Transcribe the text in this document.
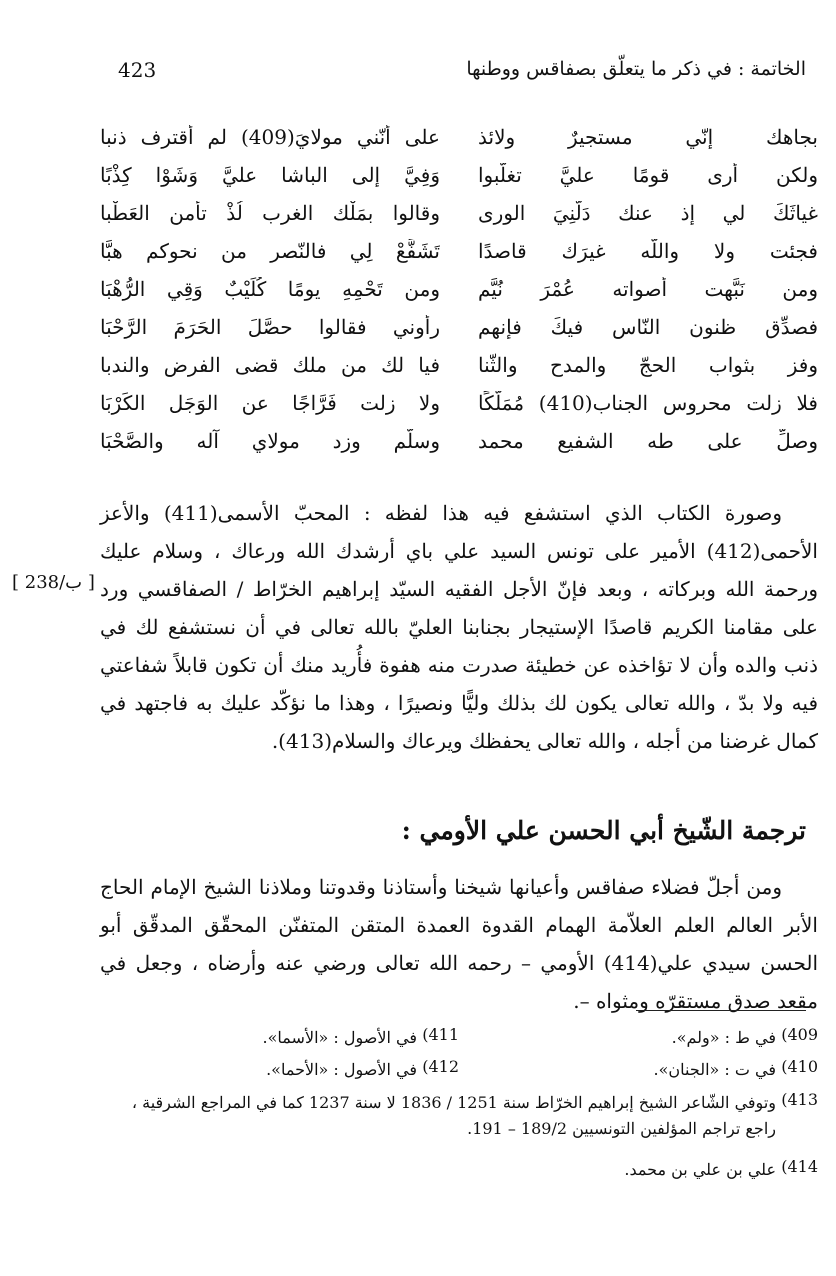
423	الخاتمة : في ذكر ما يتعلّق بصفاقس ووطنها
بجاهك إنّي مستجيرٌ ولائذ
على أنّني مولايَ(409) لم أقترف ذنبا
ولكن أرى قومًا عليَّ تغلّبوا
وَفِيَّ إلى الباشا عليَّ وَشَوْا كِذْبًا
غياثَكَ لي إذ عنك دَلَّنِيَ الورى
وقالوا بمَلْك الغرب لُذْ تأمنِ العَطْبا
فجئت ولا واللّه غيرَك قاصدًا
تَشَفَّعْ لِي فالنّصر من نحوكم هبَّا
ومن نَبَّهت أصواته عُمْرَ نُيَّمٍ
ومن تَحْمِهِ يومًا كُلَيْبٌ وَقِي الرُّهْبَا
فصدِّق ظنون النّاس فيكَ فإنهم
رأوني فقالوا حصَّلَ الحَرَمَ الرَّحْبَا
وفز بثواب الحجّ والمدح والثّنا
فيا لك من ملك قضى الفرض والندبا
فلا زلت محروس الجناب(410) مُمَلَّكًا
ولا زلت فَرَّاجًا عن الوَجَلِ الكَرْبَا
وصلِّ على طه الشفيع محمد
وسلّم وزد مولاي آله والصَّحْبَا
وصورة الكتاب الذي استشفع فيه هذا لفظه : المحبّ الأسمى(411) والأعز الأحمى(412) الأمير على تونس السيد علي باي أرشدك الله ورعاك ، وسلام عليك ورحمة الله وبركاته ، وبعد فإنّ الأجل الفقيه السيّد إبراهيم الخرّاط / الصفاقسي ورد على مقامنا الكريم قاصدًا الإستيجار بجنابنا العليّ بالله تعالى في أن نستشفع لك في ذنب والده وأن لا تؤاخذه عن خطيئة صدرت منه هفوة فأُريد منك أن تكون قابلاً شفاعتي فيه ولا بدّ ، والله تعالى يكون لك بذلك وليًّا ونصيرًا ، وهذا ما نؤكّد عليك به فاجتهد في كمال غرضنا من أجله ، والله تعالى يحفظك ويرعاك والسلام(413).
[ 238/ب ]
ترجمة الشّيخ أبي الحسن علي الأومي :
ومن أجلّ فضلاء صفاقس وأعيانها شيخنا وأستاذنا وقدوتنا وملاذنا الشيخ الإمام الحاج الأبر العالم العلم العلاّمة الهمام القدوة العمدة المتقن المتفنّن المحقّق المدقّق أبو الحسن سيدي علي(414) الأومي – رحمه الله تعالى ورضي عنه وأرضاه ، وجعل في مقعد صدق مستقرّه ومثواه –.
409)
في ط : «ولم».
411)
في الأصول : «الأسما».
410)
في ت : «الجنان».
412)
في الأصول : «الأحما».
413)
وتوفي الشّاعر الشيخ إبراهيم الخرّاط سنة 1251 / 1836 لا سنة 1237 كما في المراجع الشرقية ، راجع تراجم المؤلفين التونسيين 189/2 – 191.
414)
علي بن علي بن محمد.
